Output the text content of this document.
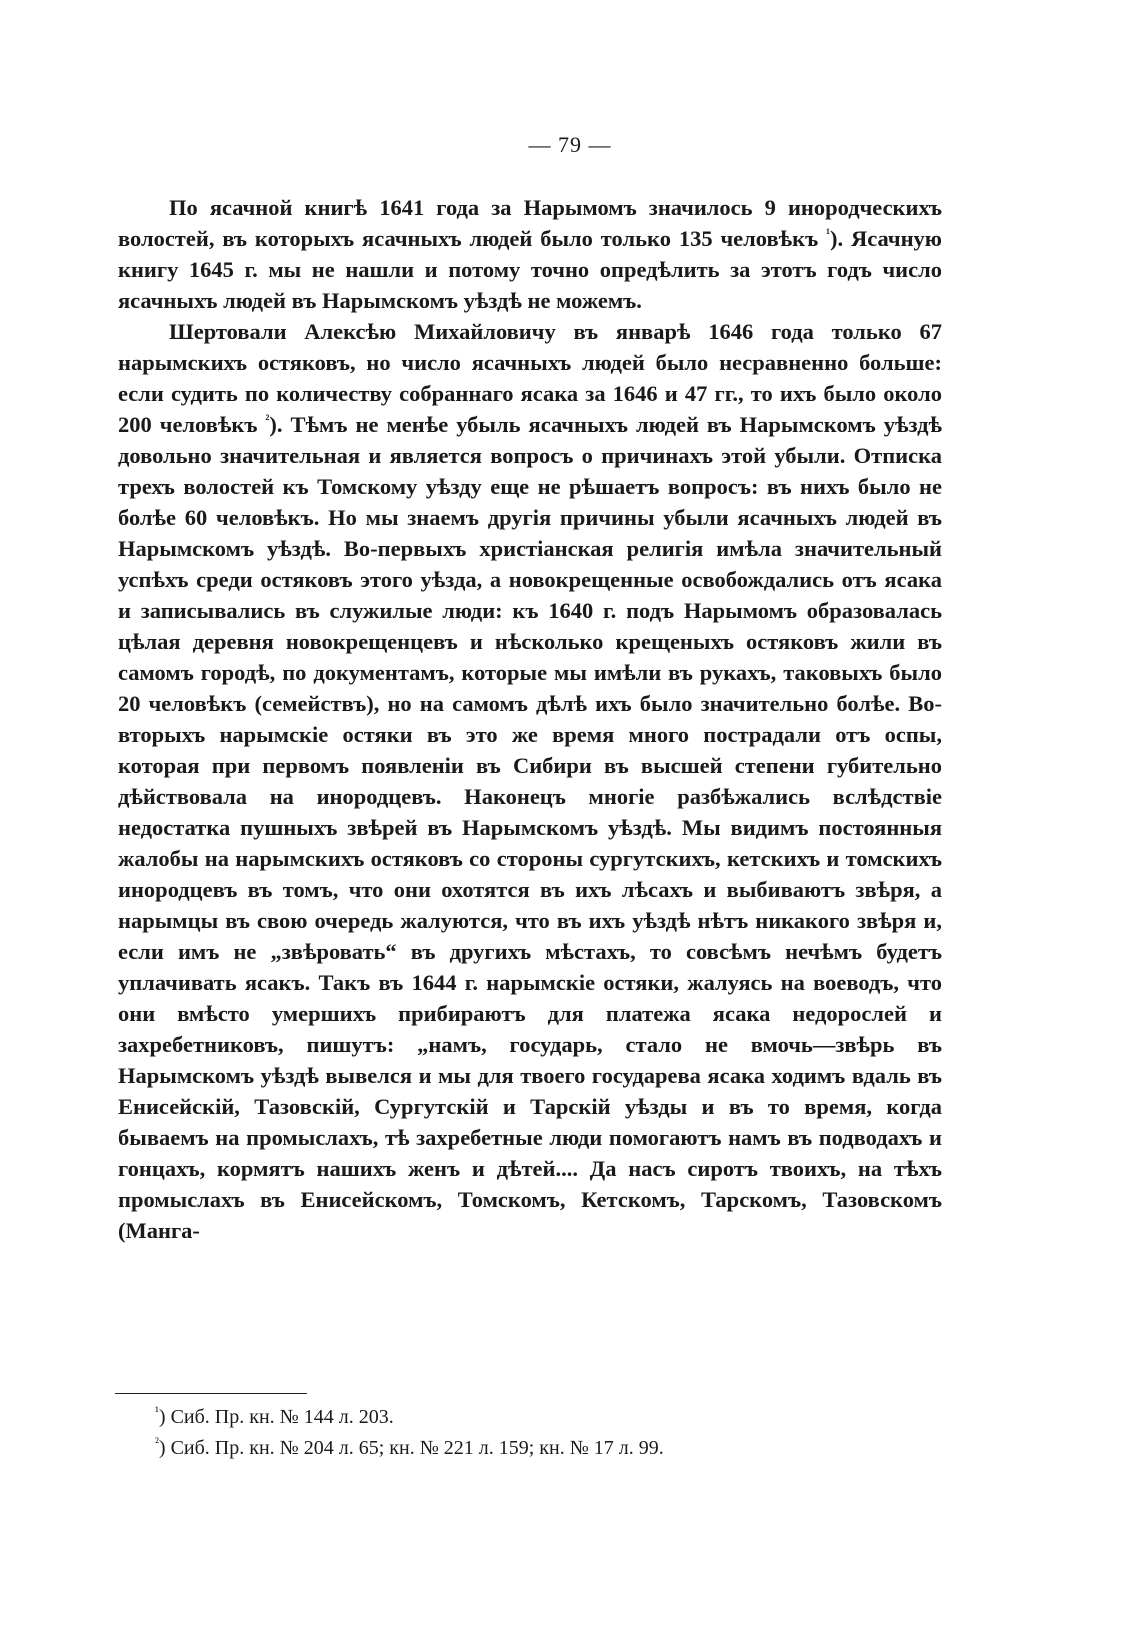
— 79 —

По ясачной книгѣ 1641 года за Нарымомъ значилось 9 инородческихъ волостей, въ которыхъ ясачныхъ людей было только 135 человѣкъ $^{^1}$). Ясачную книгу 1645 г. мы не нашли и потому точно опредѣлить за этотъ годъ число ясачныхъ людей въ Нарымскомъ уѣздѣ не можемъ.

Шертовали Алексѣю Михайловичу въ январѣ 1646 года только 67 нарымскихъ остяковъ, но число ясачныхъ людей было несравненно больше: если судить по количеству собраннаго ясака за 1646 и 47 гг., то ихъ было около 200 человѣкъ $^{^2}$). Тѣмъ не менѣе убыль ясачныхъ людей въ Нарымскомъ уѣздѣ довольно значительная и является вопросъ о причинахъ этой убыли. Отписка трехъ волостей къ Томскому уѣзду еще не рѣшаетъ вопросъ: въ нихъ было не болѣе 60 человѣкъ. Но мы знаемъ другія причины убыли ясачныхъ людей въ Нарымскомъ уѣздѣ. Во-первыхъ христіанская религія имѣла значительный успѣхъ среди остяковъ этого уѣзда, а новокрещенные освобождались отъ ясака и записывались въ служилые люди: къ 1640 г. подъ Нарымомъ образовалась цѣлая деревня новокрещенцевъ и нѣсколько крещеныхъ остяковъ жили въ самомъ городѣ, по документамъ, которые мы имѣли въ рукахъ, таковыхъ было 20 человѣкъ (семействъ), но на самомъ дѣлѣ ихъ было значительно болѣе. Во-вторыхъ нарымскіе остяки въ это же время много пострадали отъ оспы, которая при первомъ появленіи въ Сибири въ высшей степени губительно дѣйствовала на инородцевъ. Наконецъ многіе разбѣжались вслѣдствіе недостатка пушныхъ звѣрей въ Нарымскомъ уѣздѣ. Мы видимъ постоянныя жалобы на нарымскихъ остяковъ со стороны сургутскихъ, кетскихъ и томскихъ инородцевъ въ томъ, что они охотятся въ ихъ лѣсахъ и выбиваютъ звѣря, а нарымцы въ свою очередь жалуются, что въ ихъ уѣздѣ нѣтъ никакого звѣря и, если имъ не „звѣровать“ въ другихъ мѣстахъ, то совсѣмъ нечѣмъ будетъ уплачивать ясакъ. Такъ въ 1644 г. нарымскіе остяки, жалуясь на воеводъ, что они вмѣсто умершихъ прибираютъ для платежа ясака недорослей и захребетниковъ, пишутъ: „намъ, государь, стало не вмочь—звѣрь въ Нарымскомъ уѣздѣ вывелся и мы для твоего государева ясака ходимъ вдаль въ Енисейскій, Тазовскій, Сургутскій и Тарскій уѣзды и въ то время, когда бываемъ на промыслахъ, тѣ захребетные люди помогаютъ намъ въ подводахъ и гонцахъ, кормятъ нашихъ женъ и дѣтей.... Да насъ сиротъ твоихъ, на тѣхъ промыслахъ въ Енисейскомъ, Томскомъ, Кетскомъ, Тарскомъ, Тазовскомъ (Манга-

$^{^1}$) Сиб. Пр. кн. № 144 л. 203.
$^{^2}$) Сиб. Пр. кн. № 204 л. 65; кн. № 221 л. 159; кн. № 17 л. 99.
